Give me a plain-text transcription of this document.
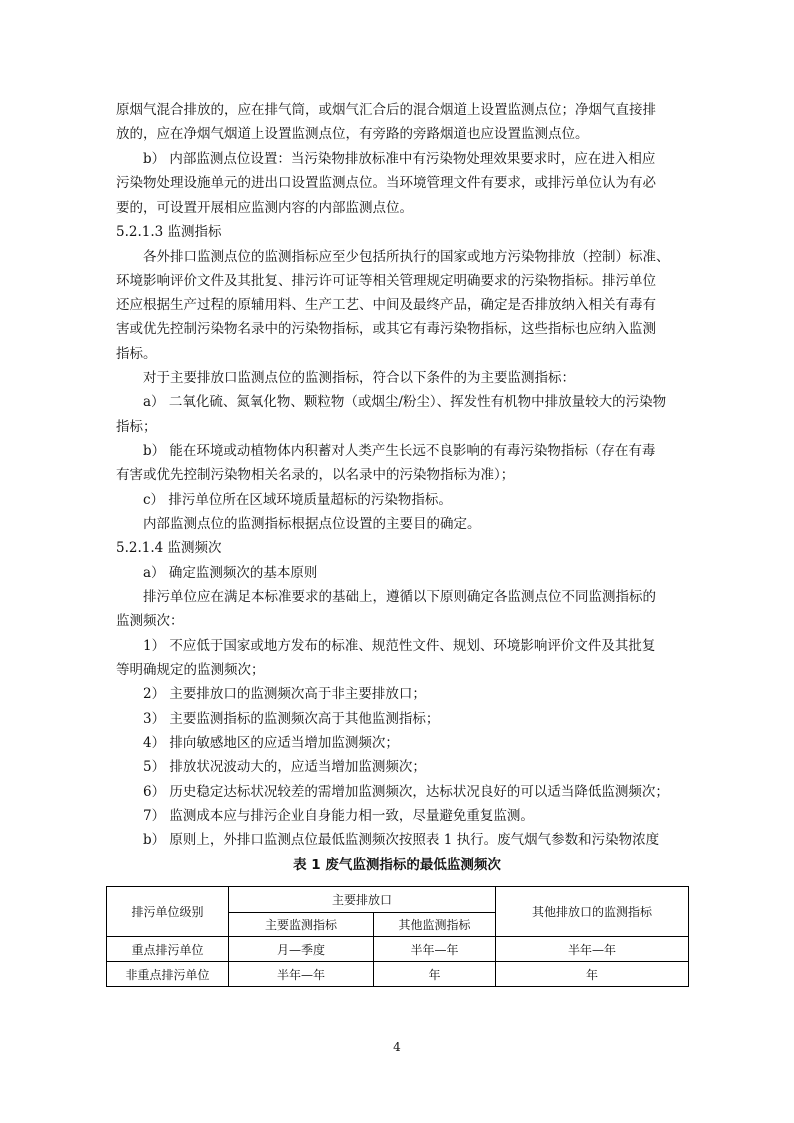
原烟气混合排放的，应在排气筒，或烟气汇合后的混合烟道上设置监测点位；净烟气直接排

放的，应在净烟气烟道上设置监测点位，有旁路的旁路烟道也应设置监测点位。

b） 内部监测点位设置：当污染物排放标准中有污染物处理效果要求时，应在进入相应

污染物处理设施单元的进出口设置监测点位。当环境管理文件有要求，或排污单位认为有必

要的，可设置开展相应监测内容的内部监测点位。

5.2.1.3 监测指标

各外排口监测点位的监测指标应至少包括所执行的国家或地方污染物排放（控制）标准、

环境影响评价文件及其批复、排污许可证等相关管理规定明确要求的污染物指标。排污单位

还应根据生产过程的原辅用料、生产工艺、中间及最终产品，确定是否排放纳入相关有毒有

害或优先控制污染物名录中的污染物指标，或其它有毒污染物指标，这些指标也应纳入监测

指标。

对于主要排放口监测点位的监测指标，符合以下条件的为主要监测指标：

a） 二氧化硫、氮氧化物、颗粒物（或烟尘/粉尘）、挥发性有机物中排放量较大的污染物

指标；

b） 能在环境或动植物体内积蓄对人类产生长远不良影响的有毒污染物指标（存在有毒

有害或优先控制污染物相关名录的，以名录中的污染物指标为准）；

c） 排污单位所在区域环境质量超标的污染物指标。

内部监测点位的监测指标根据点位设置的主要目的确定。

5.2.1.4 监测频次

a） 确定监测频次的基本原则

排污单位应在满足本标准要求的基础上，遵循以下原则确定各监测点位不同监测指标的

监测频次：

1） 不应低于国家或地方发布的标准、规范性文件、规划、环境影响评价文件及其批复

等明确规定的监测频次；

2） 主要排放口的监测频次高于非主要排放口；

3） 主要监测指标的监测频次高于其他监测指标；

4） 排向敏感地区的应适当增加监测频次；

5） 排放状况波动大的，应适当增加监测频次；

6） 历史稳定达标状况较差的需增加监测频次，达标状况良好的可以适当降低监测频次；

7） 监测成本应与排污企业自身能力相一致，尽量避免重复监测。

b） 原则上，外排口监测点位最低监测频次按照表 1 执行。废气烟气参数和污染物浓度

表 1 废气监测指标的最低监测频次
排污单位级别	主要排放口		其他排放口的监测指标
	主要监测指标	其他监测指标	
重点排污单位	月—季度	半年—年	半年—年
非重点排污单位	半年—年	年	年
4
